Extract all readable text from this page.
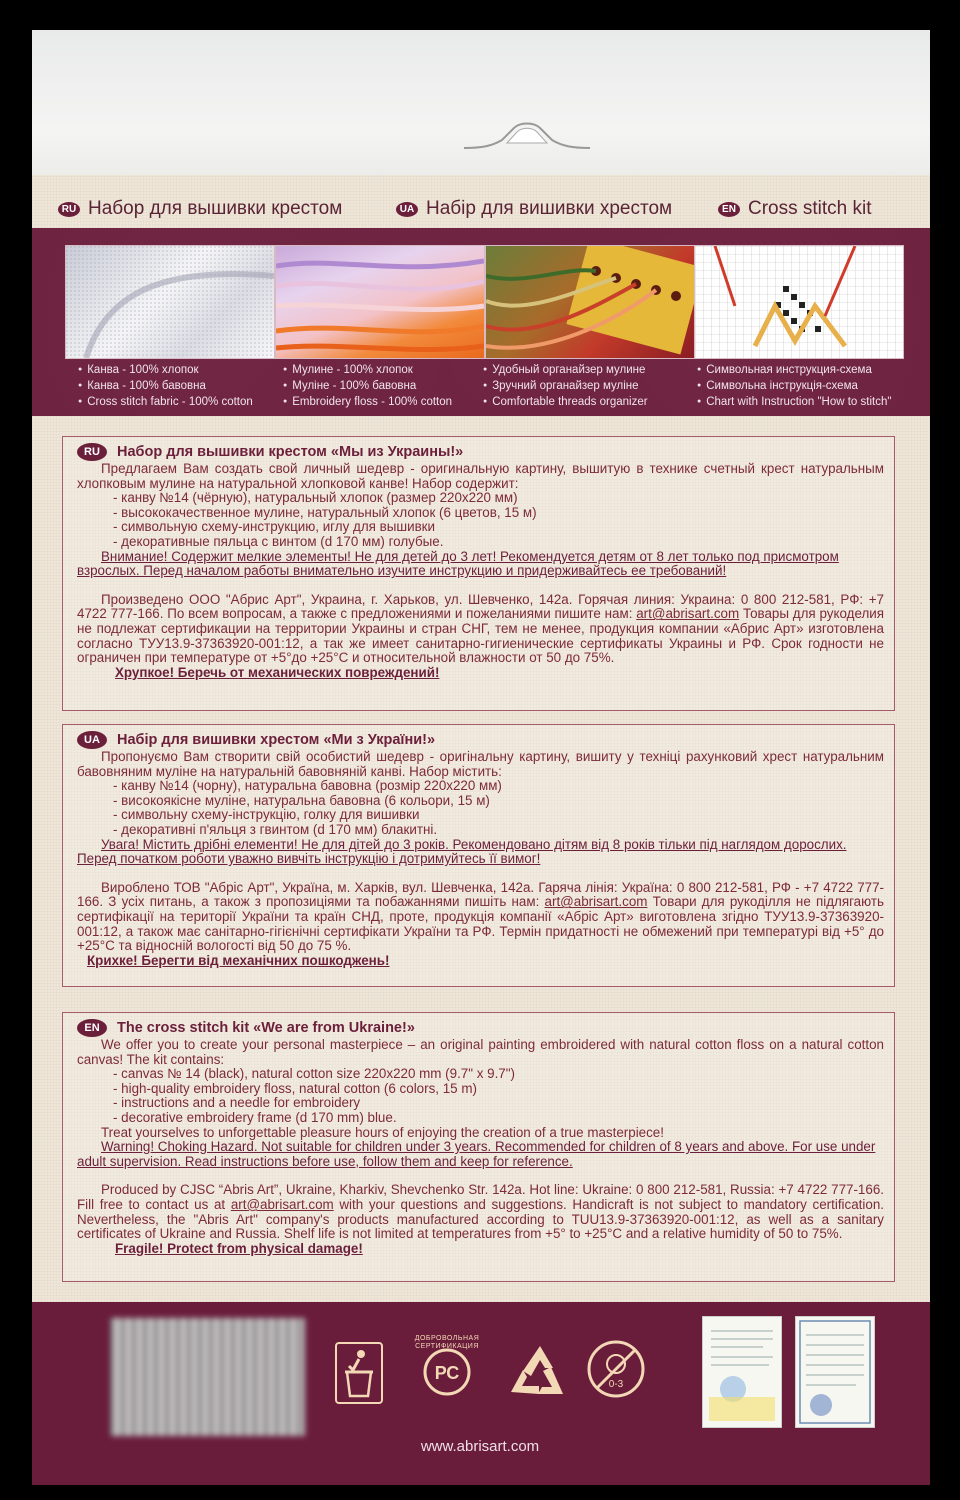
RU Набор для вышивки крестом	UA Набір для вишивки хрестом	EN Cross stitch kit
● Канва - 100% хлопок
● Канва - 100% бавовна
● Cross stitch fabric - 100% cotton
● Мулине - 100% хлопок
● Муліне - 100% бавовна
● Embroidery floss - 100% cotton
● Удобный органайзер мулине
● Зручний органайзер муліне
● Comfortable threads organizer
● Символьная инструкция-схема
● Символьна інструкція-схема
● Chart with Instruction "How to stitch"
RU	Набор для вышивки крестом «Мы из Украины!»
Предлагаем Вам создать свой личный шедевр - оригинальную картину, вышитую в технике счетный крест натуральным хлопковым мулине на натуральной хлопковой канве! Набор содержит:
- канву №14 (чёрную), натуральный хлопок (размер 220х220 мм)
- высококачественное мулине, натуральный хлопок (6 цветов, 15 м)
- символьную схему-инструкцию, иглу для вышивки
- декоративные пяльца с винтом (d 170 мм) голубые.
Внимание! Содержит мелкие элементы! Не для детей до 3 лет! Рекомендуется детям от 8 лет только под присмотром взрослых. Перед началом работы внимательно изучите инструкцию и придерживайтесь ее требований!
Произведено ООО "Абрис Арт", Украина, г. Харьков, ул. Шевченко, 142а. Горячая линия: Украина: 0 800 212-581, РФ: +7 4722 777-166. По всем вопросам, а также с предложениями и пожеланиями пишите нам: art@abrisart.com Товары для рукоделия не подлежат сертификации на территории Украины и стран СНГ, тем не менее, продукция компании «Абрис Арт» изготовлена согласно ТУУ13.9-37363920-001:12, а так же имеет санитарно-гигиенические сертификаты Украины и РФ. Срок годности не ограничен при температуре от +5°до +25°С и относительной влажности от 50 до 75%.
Хрупкое! Беречь от механических повреждений!
UA	Набір для вишивки хрестом «Ми з України!»
Пропонуємо Вам створити свій особистий шедевр - оригінальну картину, вишиту у техніці рахунковий хрест натуральним бавовняним муліне на натуральній бавовняній канві. Набор містить:
- канву №14 (чорну), натуральна бавовна (розмір 220х220 мм)
- високоякісне муліне, натуральна бавовна (6 кольори, 15 м)
- символьну схему-інструкцію, голку для вишивки
- декоративні п'яльця з гвинтом (d 170 мм) блакитні.
Увага! Містить дрібні елементи! Не для дітей до 3 років. Рекомендовано дітям від 8 років тільки під наглядом дорослих. Перед початком роботи уважно вивчіть інструкцію і дотримуйтесь її вимог!
Вироблено ТОВ "Абріс Арт", Україна, м. Харків, вул. Шевченка, 142а. Гаряча лінія: Україна: 0 800 212-581, РФ - +7 4722 777-166. З усіх питань, а також з пропозиціями та побажаннями пишіть нам: art@abrisart.com Товари для рукоділля не підлягають сертифікації на території України та країн СНД, проте, продукція компанії «Абріс Арт» виготовлена згідно ТУУ13.9-37363920-001:12, а також має санітарно-гігієнічні сертифікати України та РФ. Термін придатності не обмежений при температурі від +5° до +25°С та відносній вологості від 50 до 75 %.
Крихке! Берегти від механічних пошкоджень!
EN	The cross stitch kit «We are from Ukraine!»
We offer you to create your personal masterpiece – an original painting embroidered with natural cotton floss on a natural cotton canvas! The kit contains:
- canvas № 14 (black), natural cotton size 220x220 mm (9.7" x 9.7")
- high-quality embroidery floss, natural cotton (6 colors, 15 m)
- instructions and a needle for embroidery
- decorative embroidery frame (d 170 mm) blue.
Treat yourselves to unforgettable pleasure hours of enjoying the creation of a true masterpiece!
Warning! Choking Hazard. Not suitable for children under 3 years. Recommended for children of 8 years and above. For use under adult supervision. Read instructions before use, follow them and keep for reference.
Produced by CJSC “Abris Art”, Ukraine, Kharkiv, Shevchenko Str. 142a. Hot line: Ukraine: 0 800 212-581, Russia: +7 4722 777-166. Fill free to contact us at art@abrisart.com with your questions and suggestions. Handicraft is not subject to mandatory certification. Nevertheless, the "Abris Art" company's products manufactured according to TUU13.9-37363920-001:12, as well as a sanitary certificates of Ukraine and Russia. Shelf life is not limited at temperatures from +5° to +25°C and a relative humidity of 50 to 75%.
Fragile! Protect from physical damage!
РС
ДОБРОВОЛЬНАЯ СЕРТИФИКАЦИЯ
0-3
www.abrisart.com
